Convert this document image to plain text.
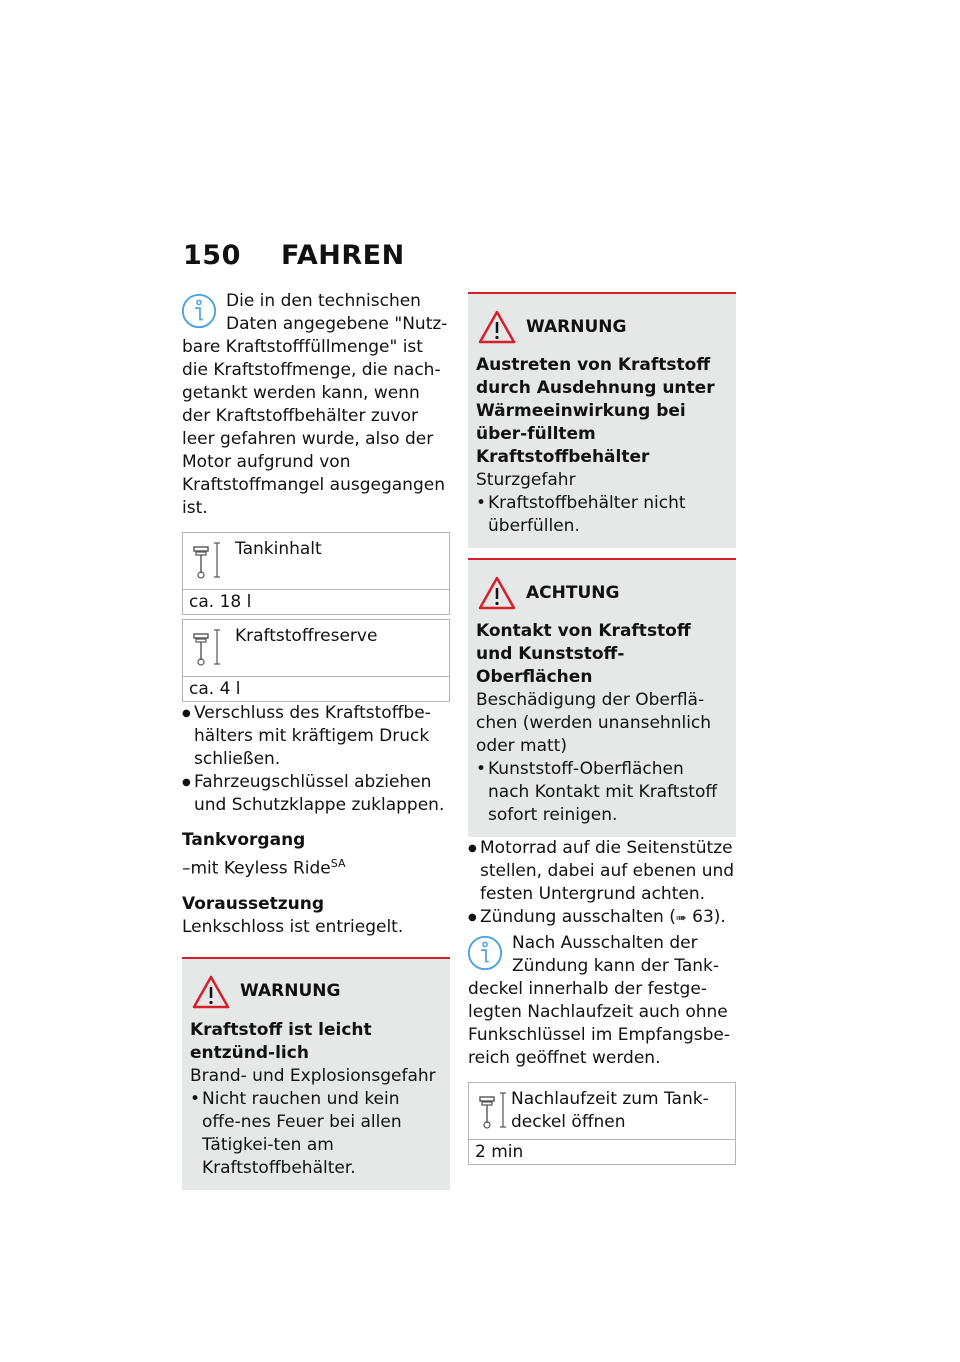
150 FAHREN

Die in den technischen Daten angegebene "Nutz-bare Kraftstofffüllmenge" ist die Kraftstoffmenge, die nach-getankt werden kann, wenn der Kraftstoffbehälter zuvor leer gefahren wurde, also der Motor aufgrund von Kraftstoffmangel ausgegangen ist.

Tankinhalt
ca. 18 l
Kraftstoffreserve
ca. 4 l
● Verschluss des Kraftstoffbe-hälters mit kräftigem Druck schließen.
● Fahrzeugschlüssel abziehen und Schutzklappe zuklappen.

Tankvorgang

–mit Keyless Ride$^{SA}$

Voraussetzung

Lenkschloss ist entriegelt.

WARNUNG

Kraftstoff ist leicht entzünd-lich

Brand- und Explosionsgefahr

• Nicht rauchen und kein offe-nes Feuer bei allen Tätigkei-ten am Kraftstoffbehälter.
WARNUNG

Austreten von Kraftstoff durch Ausdehnung unter Wärmeeinwirkung bei über-fülltem Kraftstoffbehälter

Sturzgefahr

• Kraftstoffbehälter nicht überfüllen.
ACHTUNG

Kontakt von Kraftstoff und Kunststoff-Oberflächen

Beschädigung der Oberflä-chen (werden unansehnlich oder matt)

• Kunststoff-Oberflächen nach Kontakt mit Kraftstoff sofort reinigen.
● Motorrad auf die Seitenstütze stellen, dabei auf ebenen und festen Untergrund achten.
● Zündung ausschalten (➠ 63).

Nach Ausschalten der Zündung kann der Tank-deckel innerhalb der festge-legten Nachlaufzeit auch ohne Funkschlüssel im Empfangsbe-reich geöffnet werden.

Nachlaufzeit zum Tank-deckel öffnen
2 min
